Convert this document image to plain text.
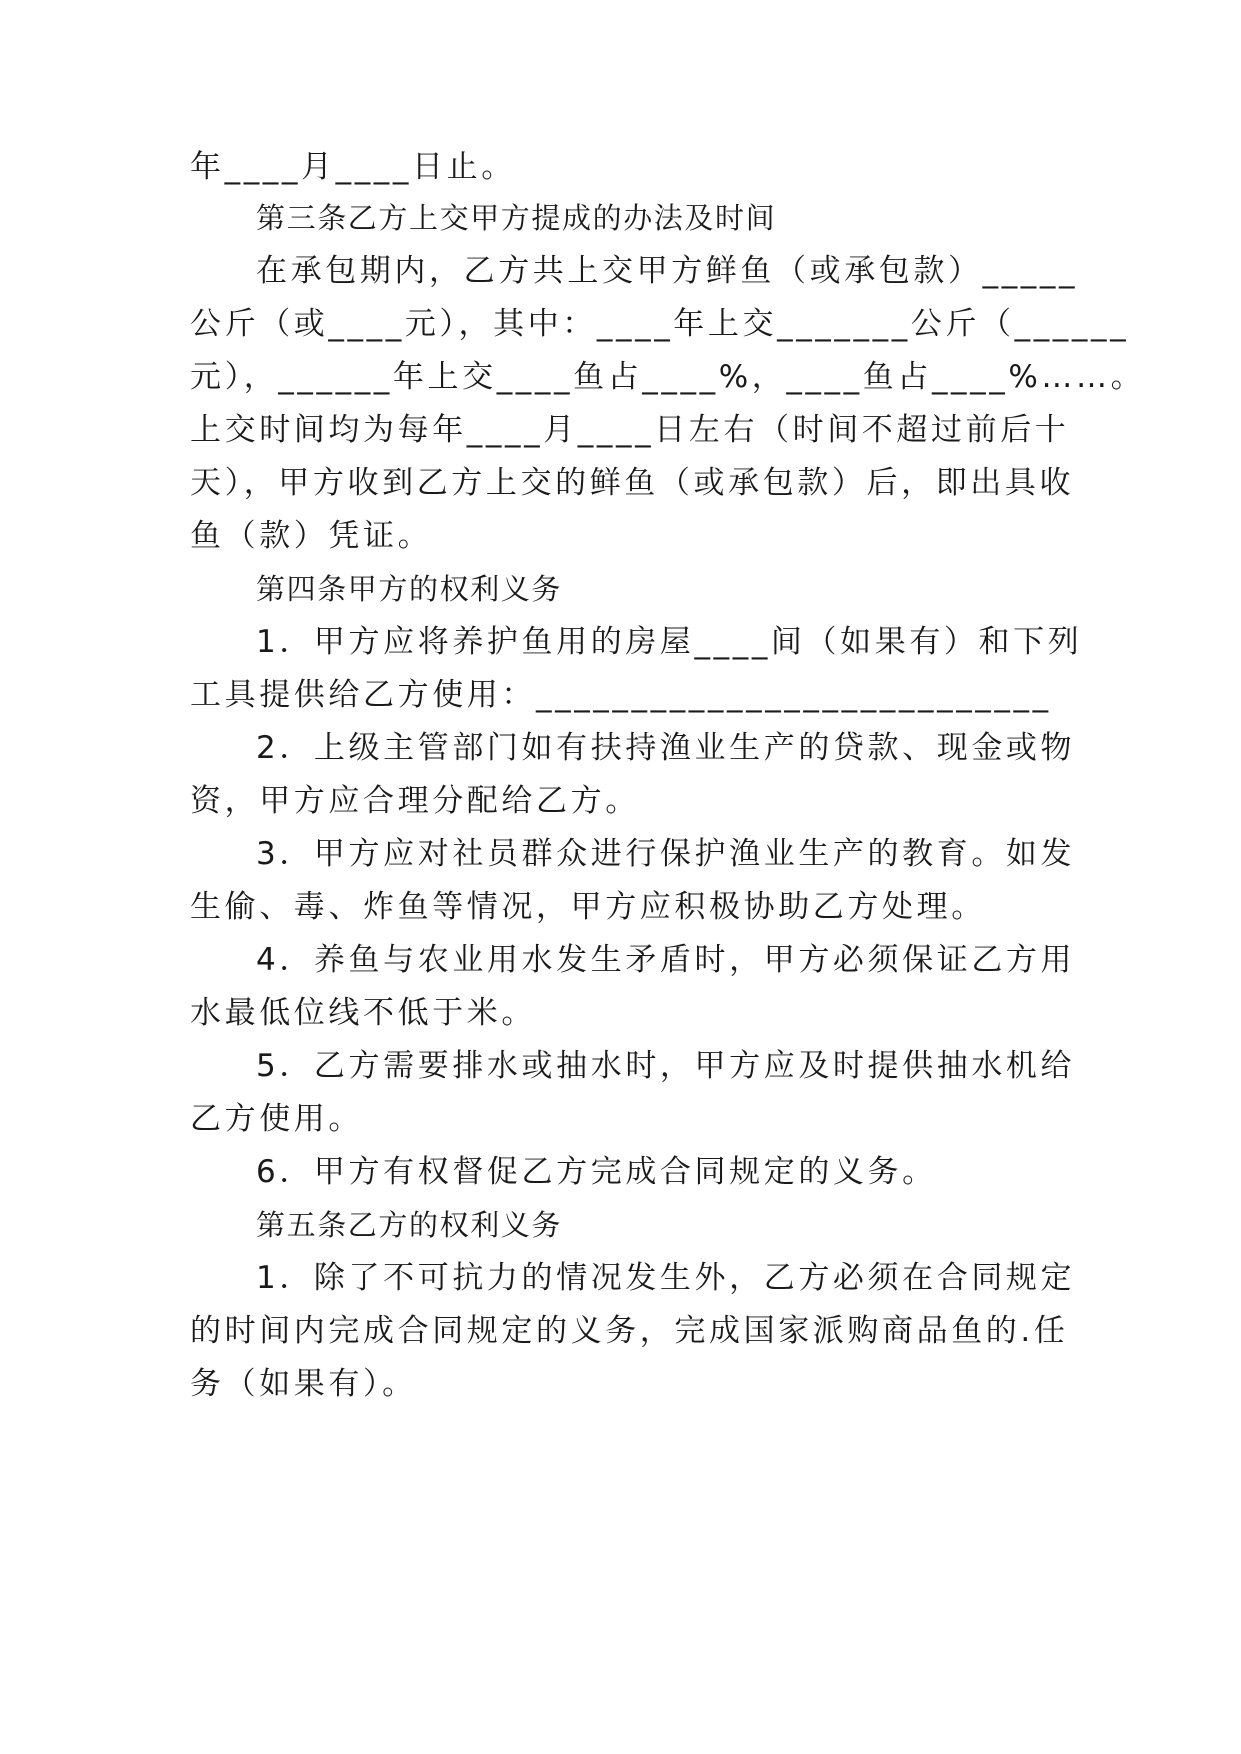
年____月____日止。
第三条乙方上交甲方提成的办法及时间
在承包期内，乙方共上交甲方鲜鱼（或承包款）_____
公斤（或____元），其中：____年上交_______公斤（______
元），______年上交____鱼占____%，____鱼占____%……。
上交时间均为每年____月____日左右（时间不超过前后十
天），甲方收到乙方上交的鲜鱼（或承包款）后，即出具收
鱼（款）凭证。
第四条甲方的权利义务
1．甲方应将养护鱼用的房屋____间（如果有）和下列
工具提供给乙方使用：___________________________
2．上级主管部门如有扶持渔业生产的贷款、现金或物
资，甲方应合理分配给乙方。
3．甲方应对社员群众进行保护渔业生产的教育。如发
生偷、毒、炸鱼等情况，甲方应积极协助乙方处理。
4．养鱼与农业用水发生矛盾时，甲方必须保证乙方用
水最低位线不低于米。
5．乙方需要排水或抽水时，甲方应及时提供抽水机给
乙方使用。
6．甲方有权督促乙方完成合同规定的义务。
第五条乙方的权利义务
1．除了不可抗力的情况发生外，乙方必须在合同规定
的时间内完成合同规定的义务，完成国家派购商品鱼的.任
务（如果有）。
